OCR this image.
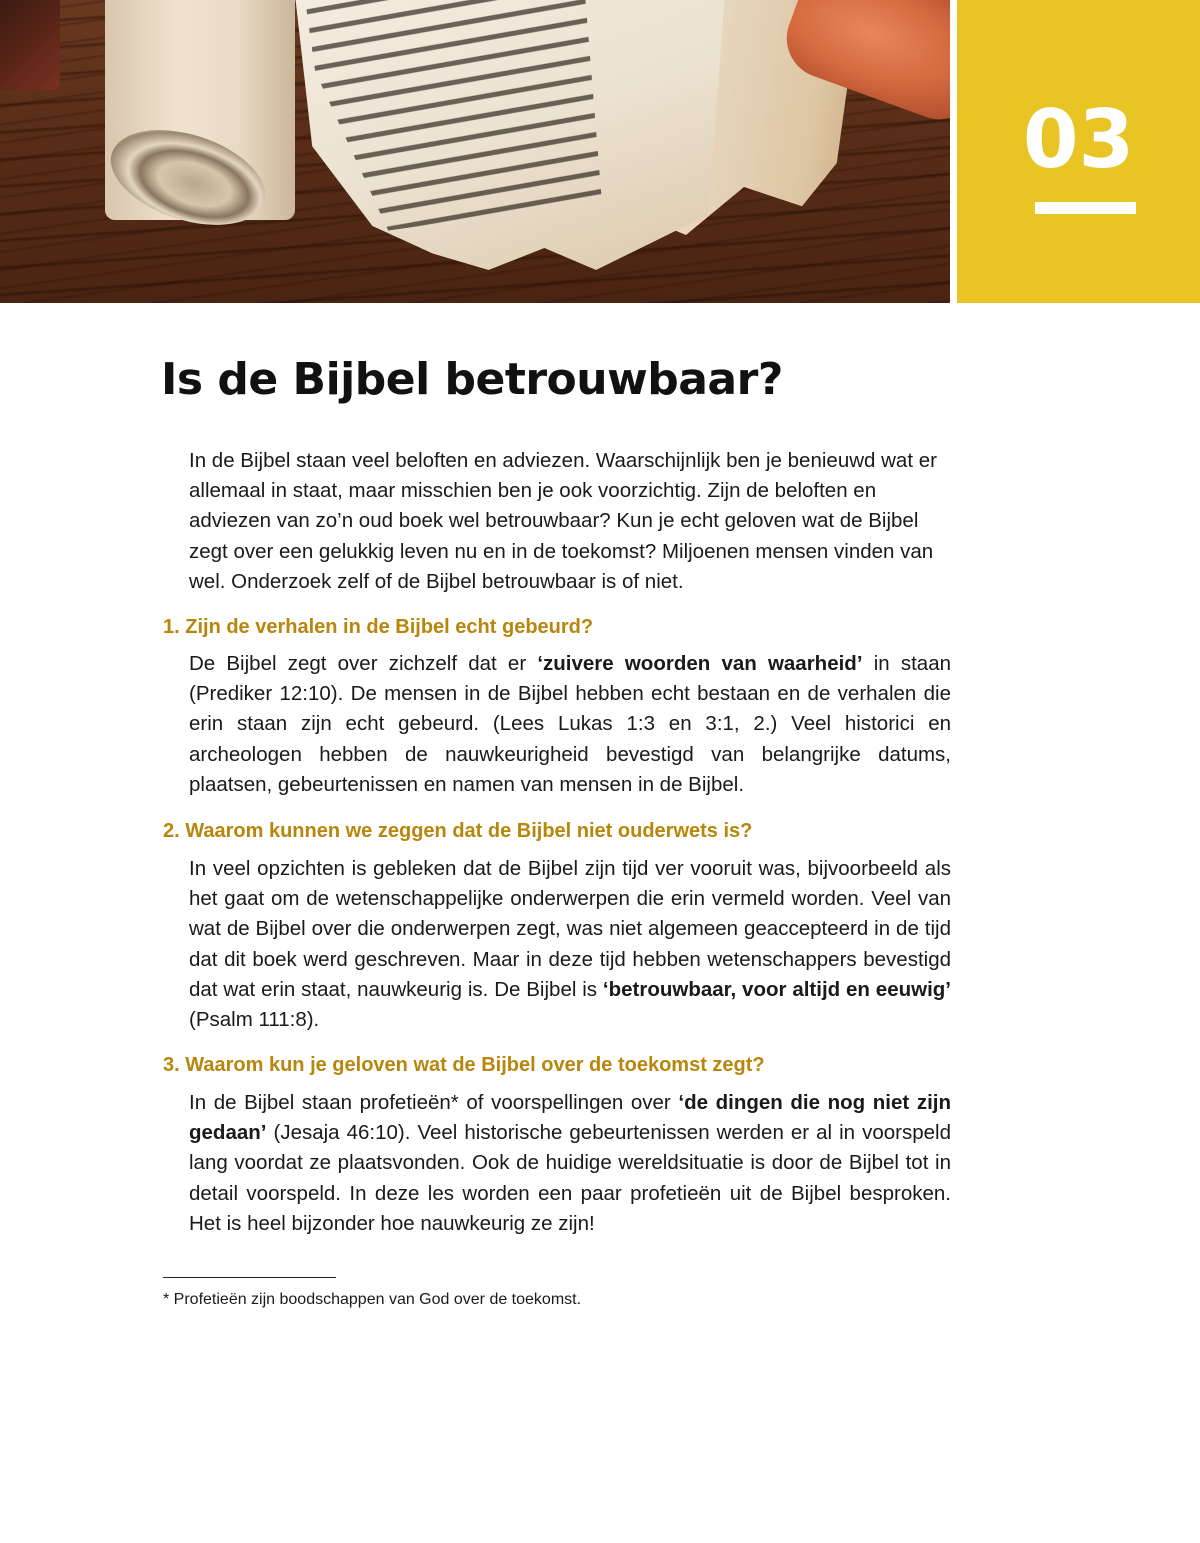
03
Is de Bijbel betrouwbaar?

In de Bijbel staan veel beloften en adviezen. Waarschijnlijk ben je benieuwd wat er allemaal in staat, maar misschien ben je ook voorzichtig. Zijn de beloften en adviezen van zo’n oud boek wel betrouwbaar? Kun je echt geloven wat de Bijbel zegt over een gelukkig leven nu en in de toekomst? Miljoenen mensen vinden van wel. Onderzoek zelf of de Bijbel betrouwbaar is of niet.

1. Zijn de verhalen in de Bijbel echt gebeurd?

De Bijbel zegt over zichzelf dat er ‘zuivere woorden van waarheid’ in staan (Prediker 12:10). De mensen in de Bijbel hebben echt bestaan en de verhalen die erin staan zijn echt gebeurd. (Lees Lukas 1:3 en 3:1, 2.) Veel historici en archeologen hebben de nauwkeurigheid bevestigd van belangrijke datums, plaatsen, gebeurtenissen en namen van mensen in de Bijbel.

2. Waarom kunnen we zeggen dat de Bijbel niet ouderwets is?

In veel opzichten is gebleken dat de Bijbel zijn tijd ver vooruit was, bijvoorbeeld als het gaat om de wetenschappelijke onderwerpen die erin vermeld worden. Veel van wat de Bijbel over die onderwerpen zegt, was niet algemeen geaccepteerd in de tijd dat dit boek werd geschreven. Maar in deze tijd hebben wetenschappers bevestigd dat wat erin staat, nauwkeurig is. De Bijbel is ‘betrouwbaar, voor altijd en eeuwig’ (Psalm 111:8).

3. Waarom kun je geloven wat de Bijbel over de toekomst zegt?

In de Bijbel staan profetieën* of voorspellingen over ‘de dingen die nog niet zijn gedaan’ (Jesaja 46:10). Veel historische gebeurtenissen werden er al in voorspeld lang voordat ze plaatsvonden. Ook de huidige wereldsituatie is door de Bijbel tot in detail voorspeld. In deze les worden een paar profetieën uit de Bijbel besproken. Het is heel bijzonder hoe nauwkeurig ze zijn!

* Profetieën zijn boodschappen van God over de toekomst.
